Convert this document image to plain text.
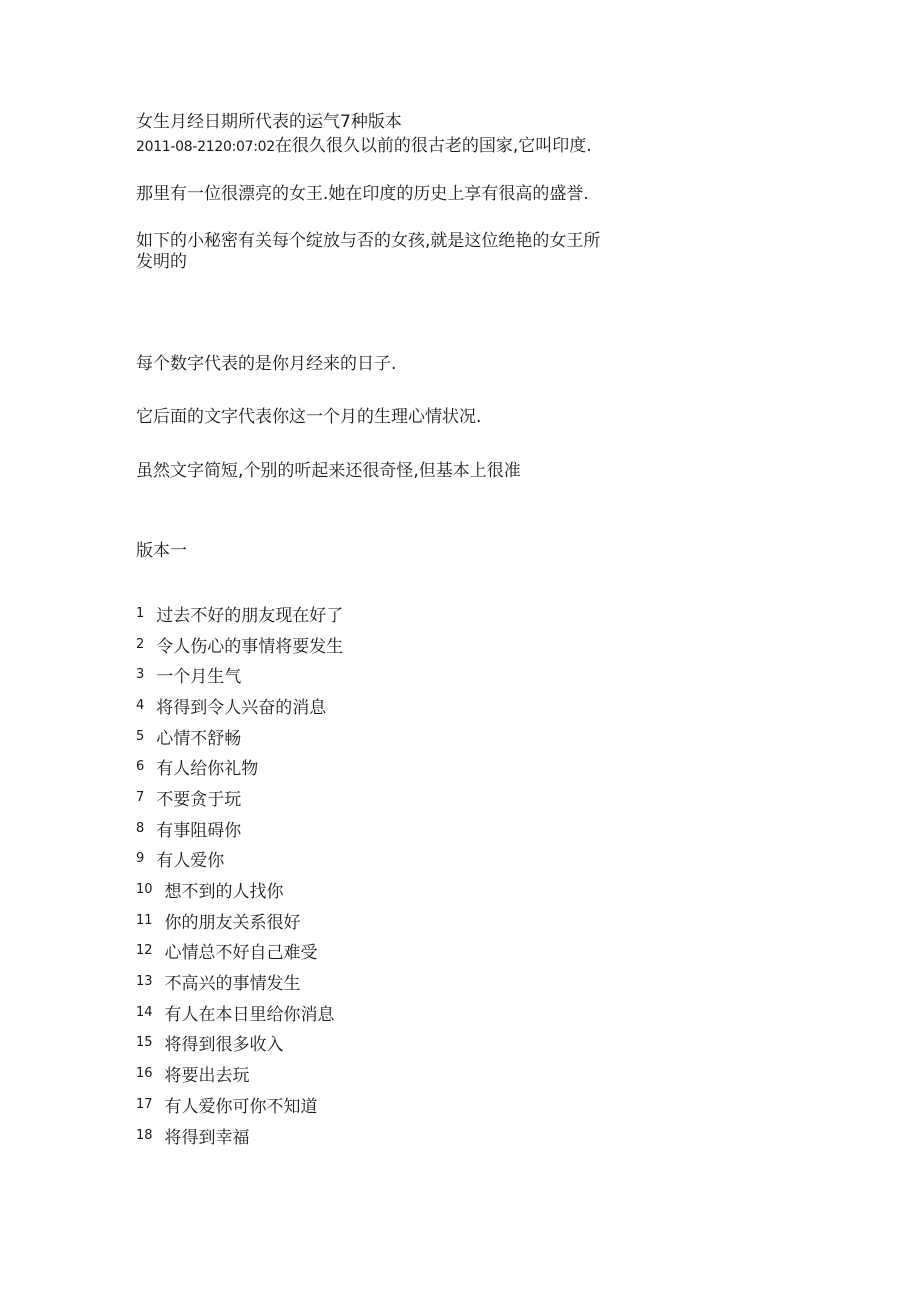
女生月经日期所代表的运气7种版本
2011-08-2120:07:02在很久很久以前的很古老的国家,它叫印度.
那里有一位很漂亮的女王.她在印度的历史上享有很高的盛誉.
如下的小秘密有关每个绽放与否的女孩,就是这位绝艳的女王所发明的
每个数字代表的是你月经来的日子.
它后面的文字代表你这一个月的生理心情状况.
虽然文字简短,个别的听起来还很奇怪,但基本上很准
版本一
1 过去不好的朋友现在好了
2 令人伤心的事情将要发生
3 一个月生气
4 将得到令人兴奋的消息
5 心情不舒畅
6 有人给你礼物
7 不要贪于玩
8 有事阻碍你
9 有人爱你
10 想不到的人找你
11 你的朋友关系很好
12 心情总不好自己难受
13 不高兴的事情发生
14 有人在本日里给你消息
15 将得到很多收入
16 将要出去玩
17 有人爱你可你不知道
18 将得到幸福
